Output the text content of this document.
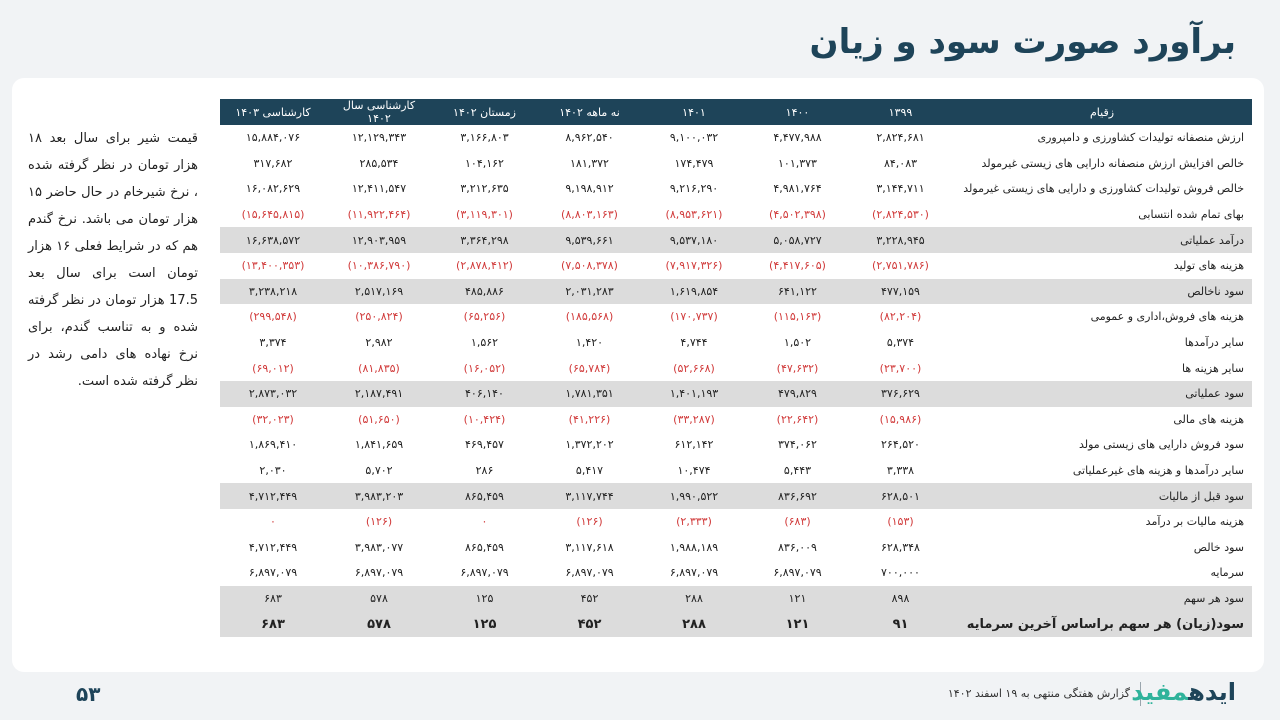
برآورد صورت سود و زیان
قیمت شیر برای سال بعد ۱۸ هزار تومان در نظر گرفته شده ، نرخ شیرخام در حال حاضر ۱۵ هزار تومان می باشد. نرخ گندم هم که در شرایط فعلی ۱۶ هزار تومان است برای سال بعد 17.5 هزار تومان در نظر گرفته شده و به تناسب گندم، برای نرخ نهاده های دامی رشد در نظر گرفته شده است.
زقیام	۱۳۹۹	۱۴۰۰	۱۴۰۱	نه ماهه ۱۴۰۲	زمستان ۱۴۰۲	کارشناسی سال ۱۴۰۲	کارشناسی ۱۴۰۳
ارزش منصفانه تولیدات کشاورزی و دامپروری	۲,۸۲۴,۶۸۱	۴,۴۷۷,۹۸۸	۹,۱۰۰,۰۳۲	۸,۹۶۲,۵۴۰	۳,۱۶۶,۸۰۳	۱۲,۱۲۹,۳۴۳	۱۵,۸۸۴,۰۷۶
خالص افزایش ارزش منصفانه دارایی های زیستی غیرمولد	۸۴,۰۸۳	۱۰۱,۳۷۳	۱۷۴,۴۷۹	۱۸۱,۳۷۲	۱۰۴,۱۶۲	۲۸۵,۵۳۴	۳۱۷,۶۸۲
خالص فروش تولیدات کشاورزی و دارایی های زیستی غیرمولد	۳,۱۴۴,۷۱۱	۴,۹۸۱,۷۶۴	۹,۲۱۶,۲۹۰	۹,۱۹۸,۹۱۲	۳,۲۱۲,۶۳۵	۱۲,۴۱۱,۵۴۷	۱۶,۰۸۲,۶۲۹
بهای تمام شده انتسابی	(۲,۸۲۴,۵۳۰)	(۴,۵۰۲,۳۹۸)	(۸,۹۵۳,۶۲۱)	(۸,۸۰۳,۱۶۳)	(۳,۱۱۹,۳۰۱)	(۱۱,۹۲۲,۴۶۴)	(۱۵,۶۴۵,۸۱۵)
درآمد عملیاتی	۳,۲۲۸,۹۴۵	۵,۰۵۸,۷۲۷	۹,۵۳۷,۱۸۰	۹,۵۳۹,۶۶۱	۳,۳۶۴,۲۹۸	۱۲,۹۰۳,۹۵۹	۱۶,۶۳۸,۵۷۲
هزینه های تولید	(۲,۷۵۱,۷۸۶)	(۴,۴۱۷,۶۰۵)	(۷,۹۱۷,۳۲۶)	(۷,۵۰۸,۳۷۸)	(۲,۸۷۸,۴۱۲)	(۱۰,۳۸۶,۷۹۰)	(۱۳,۴۰۰,۳۵۳)
سود ناخالص	۴۷۷,۱۵۹	۶۴۱,۱۲۲	۱,۶۱۹,۸۵۴	۲,۰۳۱,۲۸۳	۴۸۵,۸۸۶	۲,۵۱۷,۱۶۹	۳,۲۳۸,۲۱۸
هزینه های فروش،اداری و عمومی	(۸۲,۲۰۴)	(۱۱۵,۱۶۳)	(۱۷۰,۷۳۷)	(۱۸۵,۵۶۸)	(۶۵,۲۵۶)	(۲۵۰,۸۲۴)	(۲۹۹,۵۴۸)
سایر درآمدها	۵,۳۷۴	۱,۵۰۲	۴,۷۴۴	۱,۴۲۰	۱,۵۶۲	۲,۹۸۲	۳,۳۷۴
سایر هزینه ها	(۲۳,۷۰۰)	(۴۷,۶۳۲)	(۵۲,۶۶۸)	(۶۵,۷۸۴)	(۱۶,۰۵۲)	(۸۱,۸۳۵)	(۶۹,۰۱۲)
سود عملیاتی	۳۷۶,۶۲۹	۴۷۹,۸۲۹	۱,۴۰۱,۱۹۳	۱,۷۸۱,۳۵۱	۴۰۶,۱۴۰	۲,۱۸۷,۴۹۱	۲,۸۷۳,۰۳۲
هزینه های مالی	(۱۵,۹۸۶)	(۲۲,۶۴۲)	(۳۳,۲۸۷)	(۴۱,۲۲۶)	(۱۰,۴۲۴)	(۵۱,۶۵۰)	(۳۲,۰۲۳)
سود فروش دارایی های زیستی مولد	۲۶۴,۵۲۰	۳۷۴,۰۶۲	۶۱۲,۱۴۲	۱,۳۷۲,۲۰۲	۴۶۹,۴۵۷	۱,۸۴۱,۶۵۹	۱,۸۶۹,۴۱۰
سایر درآمدها و هزینه های غیرعملیاتی	۳,۳۳۸	۵,۴۴۳	۱۰,۴۷۴	۵,۴۱۷	۲۸۶	۵,۷۰۲	۲,۰۳۰
سود قبل از مالیات	۶۲۸,۵۰۱	۸۳۶,۶۹۲	۱,۹۹۰,۵۲۲	۳,۱۱۷,۷۴۴	۸۶۵,۴۵۹	۳,۹۸۳,۲۰۳	۴,۷۱۲,۴۴۹
هزینه مالیات بر درآمد	(۱۵۳)	(۶۸۳)	(۲,۳۳۳)	(۱۲۶)	۰	(۱۲۶)	۰
سود خالص	۶۲۸,۳۴۸	۸۳۶,۰۰۹	۱,۹۸۸,۱۸۹	۳,۱۱۷,۶۱۸	۸۶۵,۴۵۹	۳,۹۸۳,۰۷۷	۴,۷۱۲,۴۴۹
سرمایه	۷۰۰,۰۰۰	۶,۸۹۷,۰۷۹	۶,۸۹۷,۰۷۹	۶,۸۹۷,۰۷۹	۶,۸۹۷,۰۷۹	۶,۸۹۷,۰۷۹	۶,۸۹۷,۰۷۹
سود هر سهم	۸۹۸	۱۲۱	۲۸۸	۴۵۲	۱۲۵	۵۷۸	۶۸۳
سود(زیان) هر سهم براساس آخرین سرمایه	۹۱	۱۲۱	۲۸۸	۴۵۲	۱۲۵	۵۷۸	۶۸۳
۵۳	گزارش هفتگی منتهی به ۱۹ اسفند ۱۴۰۲	ایدهمفید
